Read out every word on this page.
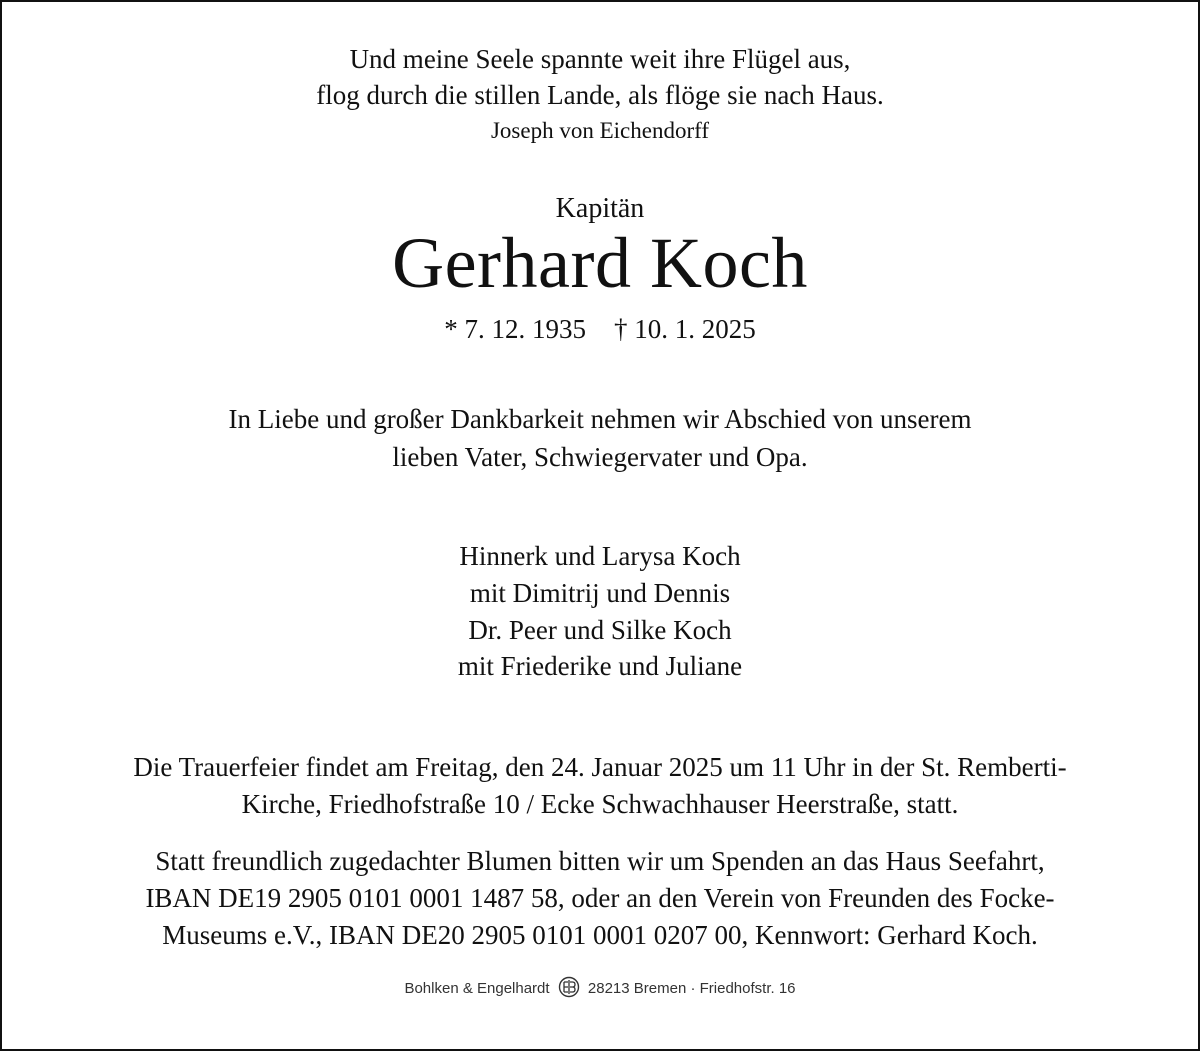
Und meine Seele spannte weit ihre Flügel aus,
flog durch die stillen Lande, als flöge sie nach Haus.
Joseph von Eichendorff
Kapitän
Gerhard Koch
* 7. 12. 1935 † 10. 1. 2025
In Liebe und großer Dankbarkeit nehmen wir Abschied von unserem
lieben Vater, Schwiegervater und Opa.
Hinnerk und Larysa Koch
mit Dimitrij und Dennis
Dr. Peer und Silke Koch
mit Friederike und Juliane
Die Trauerfeier findet am Freitag, den 24. Januar 2025 um 11 Uhr in der St. Remberti-
Kirche, Friedhofstraße 10 / Ecke Schwachhauser Heerstraße, statt.
Statt freundlich zugedachter Blumen bitten wir um Spenden an das Haus Seefahrt,
IBAN DE19 2905 0101 0001 1487 58, oder an den Verein von Freunden des Focke-
Museums e.V., IBAN DE20 2905 0101 0001 0207 00, Kennwort: Gerhard Koch.
Bohlken & Engelhardt	28213 Bremen · Friedhofstr. 16
